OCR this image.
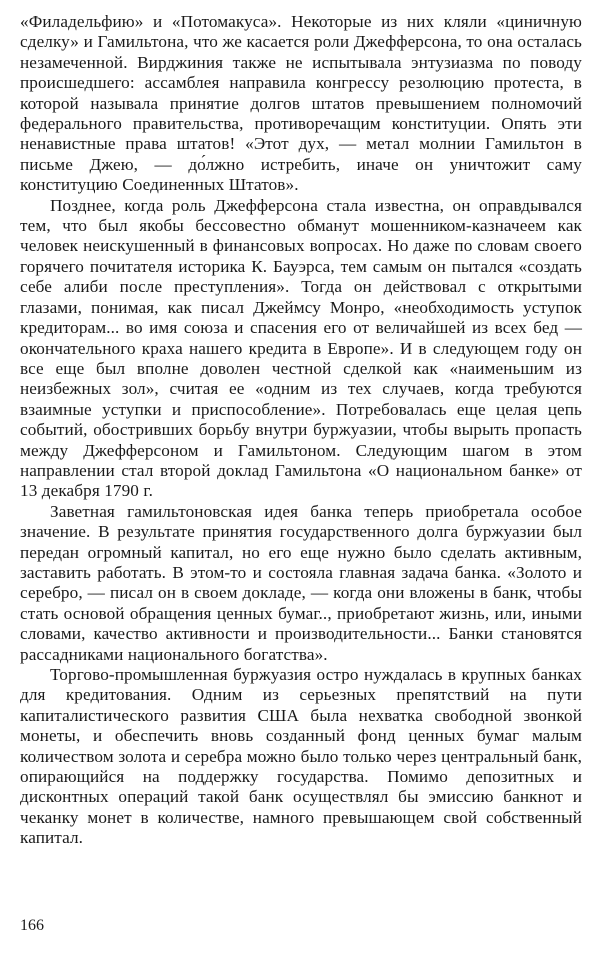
«Филадельфию» и «Потомакуса». Некоторые из них кляли «циничную сделку» и Гамильтона, что же касается роли Джефферсона, то она осталась незамеченной. Вирджиния также не испытывала энтузиазма по поводу происшедшего: ассамблея направила конгрессу резолюцию протеста, в которой называла принятие долгов штатов превышением полномочий федерального правительства, противоречащим конституции. Опять эти ненавистные права штатов! «Этот дух, — метал молнии Гамильтон в письме Джею, — до́лжно истребить, иначе он уничтожит саму конституцию Соединенных Штатов».

Позднее, когда роль Джефферсона стала известна, он оправдывался тем, что был якобы бессовестно обманут мошенником-казначеем как человек неискушенный в финансовых вопросах. Но даже по словам своего горячего почитателя историка К. Бауэрса, тем самым он пытался «создать себе алиби после преступления». Тогда он действовал с открытыми глазами, понимая, как писал Джеймсу Монро, «необходимость уступок кредиторам... во имя союза и спасения его от величайшей из всех бед — окончательного краха нашего кредита в Европе». И в следующем году он все еще был вполне доволен честной сделкой как «наименьшим из неизбежных зол», считая ее «одним из тех случаев, когда требуются взаимные уступки и приспособление». Потребовалась еще целая цепь событий, обостривших борьбу внутри буржуазии, чтобы вырыть пропасть между Джефферсоном и Гамильтоном. Следующим шагом в этом направлении стал второй доклад Гамильтона «О национальном банке» от 13 декабря 1790 г.

Заветная гамильтоновская идея банка теперь приобретала особое значение. В результате принятия государственного долга буржуазии был передан огромный капитал, но его еще нужно было сделать активным, заставить работать. В этом-то и состояла главная задача банка. «Золото и серебро, — писал он в своем докладе, — когда они вложены в банк, чтобы стать основой обращения ценных бумаг.., приобретают жизнь, или, иными словами, качество активности и производительности... Банки становятся рассадниками национального богатства».

Торгово-промышленная буржуазия остро нуждалась в крупных банках для кредитования. Одним из серьезных препятствий на пути капиталистического развития США была нехватка свободной звонкой монеты, и обеспечить вновь созданный фонд ценных бумаг малым количеством золота и серебра можно было только через центральный банк, опирающийся на поддержку государства. Помимо депозитных и дисконтных операций такой банк осуществлял бы эмиссию банкнот и чеканку монет в количестве, намного превышающем свой собственный капитал.

166
